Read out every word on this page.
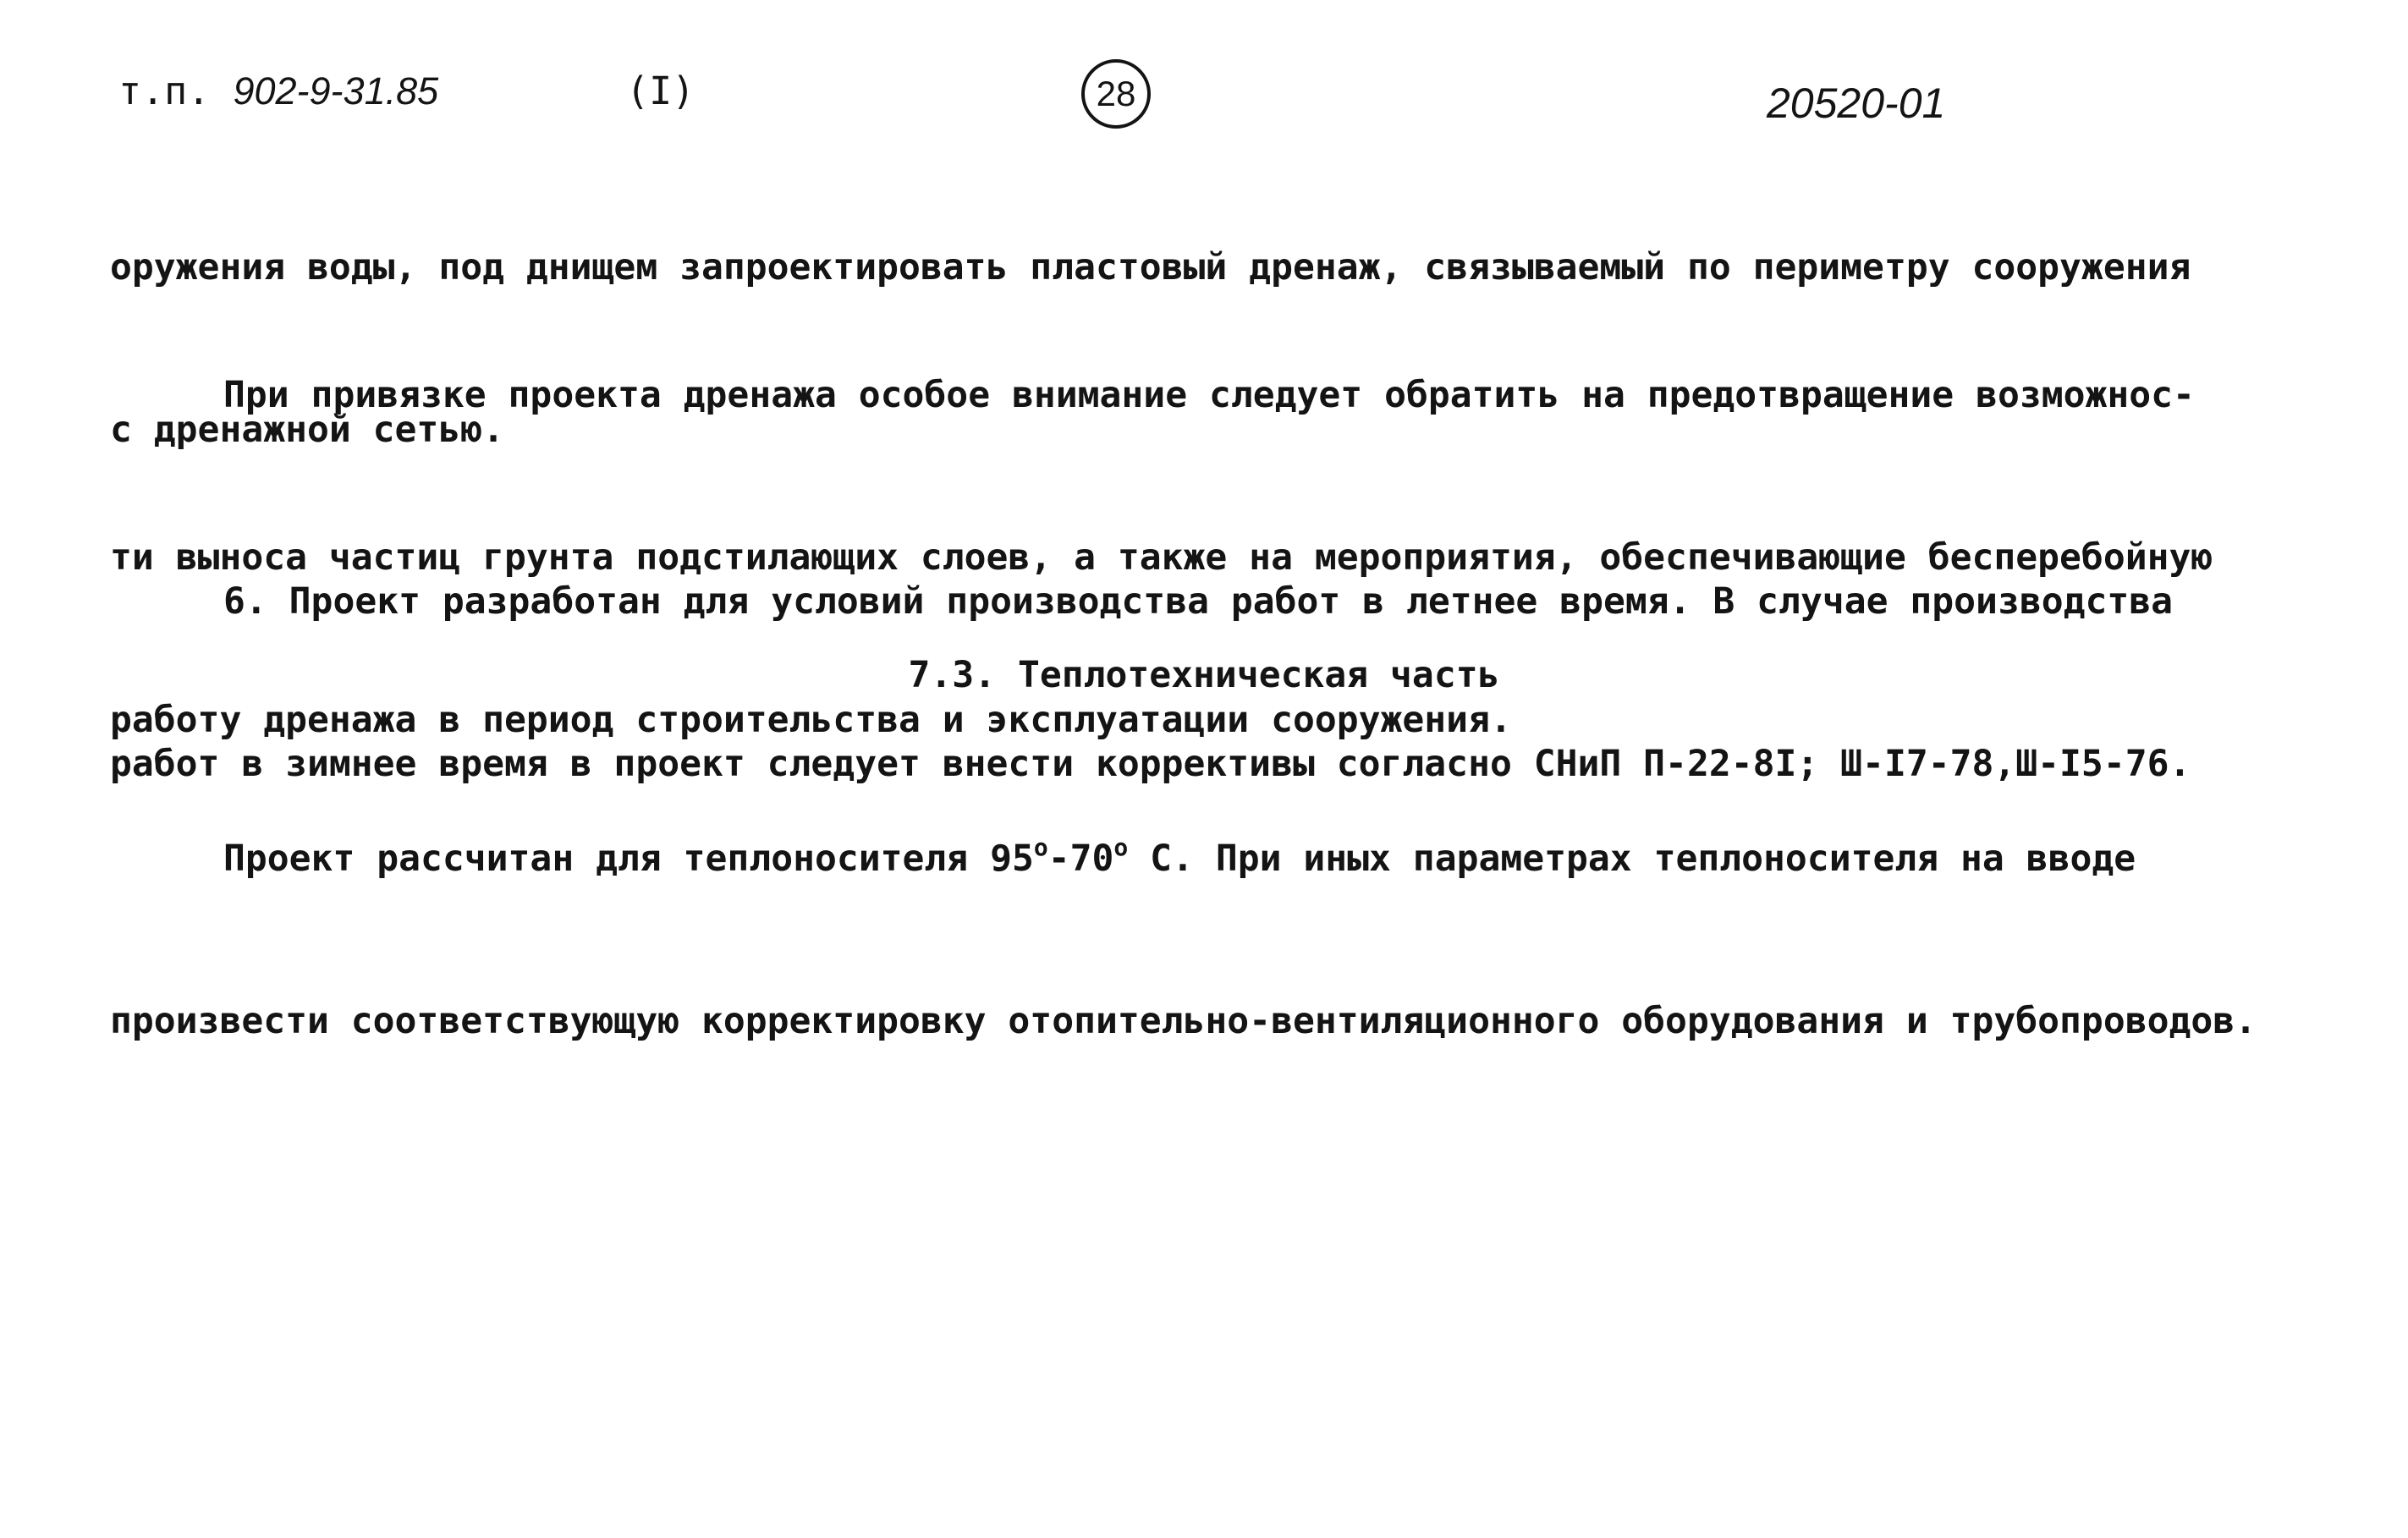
т.п. 902-9-31.85	(I)	28	20520-01

оружения воды, под днищем запроектировать пластовый дренаж, связываемый по периметру сооружения

с дренажной сетью.

При привязке проекта дренажа особое внимание следует обратить на предотвращение возможнос-

ти выноса частиц грунта подстилающих слоев, а также на мероприятия, обеспечивающие бесперебойную

работу дренажа в период строительства и эксплуатации сооружения.

6. Проект разработан для условий производства работ в летнее время. В случае производства

работ в зимнее время в проект следует внести коррективы согласно СНиП П-22-8I; Ш-I7-78,Ш-I5-76.

7.3. Теплотехническая часть

Проект рассчитан для теплоносителя $95^о-70^о$ С. При иных параметрах теплоносителя на вводе

произвести соответствующую корректировку отопительно-вентиляционного оборудования и трубопроводов.
